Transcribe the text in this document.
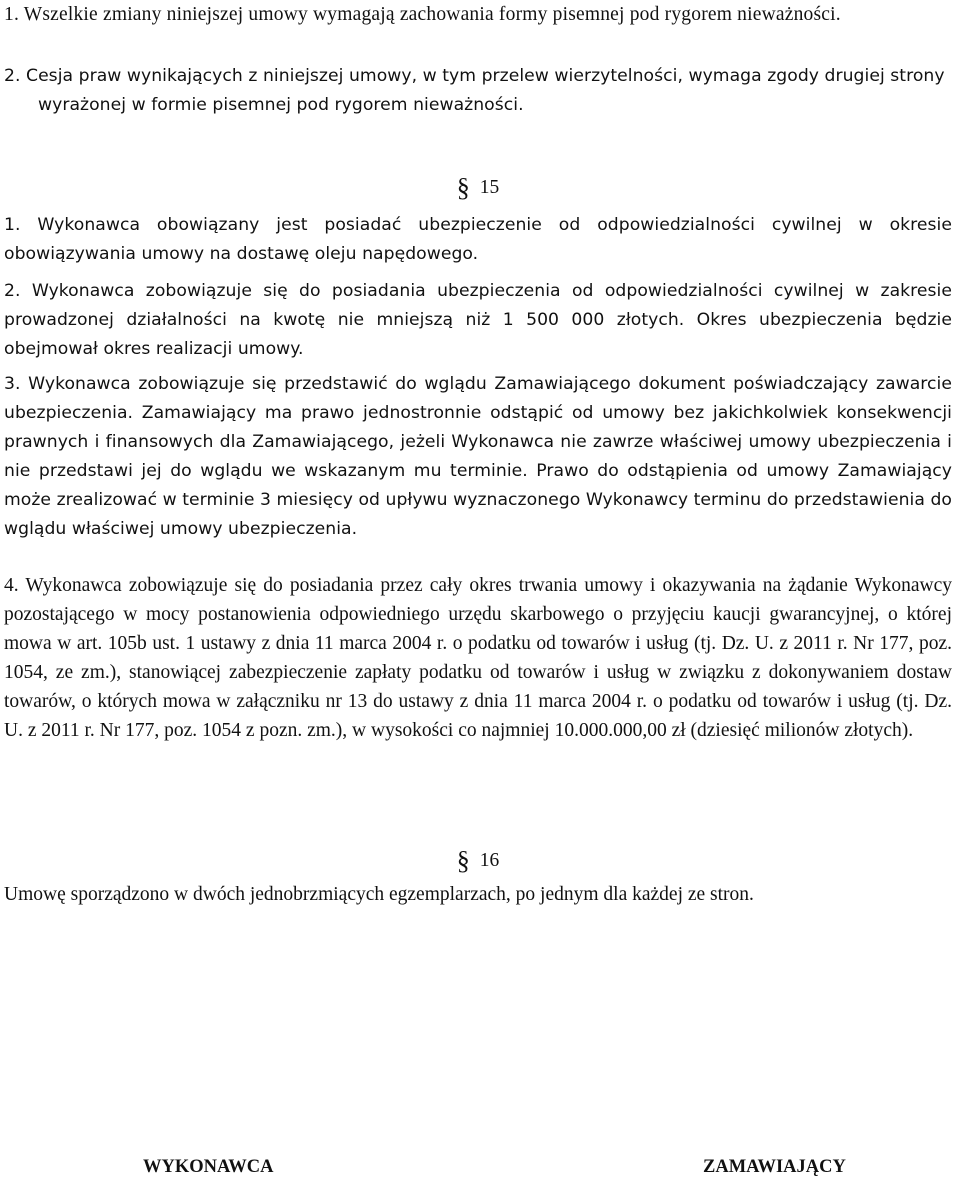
1. Wszelkie zmiany niniejszej umowy wymagają zachowania formy pisemnej pod rygorem nieważności.

2. Cesja praw wynikających z niniejszej umowy, w tym przelew wierzytelności, wymaga zgody drugiej strony wyrażonej w formie pisemnej pod rygorem nieważności.

§ 15

1. Wykonawca obowiązany jest posiadać ubezpieczenie od odpowiedzialności cywilnej w okresie obowiązywania umowy na dostawę oleju napędowego.

2. Wykonawca zobowiązuje się do posiadania ubezpieczenia od odpowiedzialności cywilnej w zakresie prowadzonej działalności na kwotę nie mniejszą niż 1 500 000 złotych. Okres ubezpieczenia będzie obejmował okres realizacji umowy.

3. Wykonawca zobowiązuje się przedstawić do wglądu Zamawiającego dokument poświadczający zawarcie ubezpieczenia. Zamawiający ma prawo jednostronnie odstąpić od umowy bez jakichkolwiek konsekwencji prawnych i finansowych dla Zamawiającego, jeżeli Wykonawca nie zawrze właściwej umowy ubezpieczenia i nie przedstawi jej do wglądu we wskazanym mu terminie. Prawo do odstąpienia od umowy Zamawiający może zrealizować w terminie 3 miesięcy od upływu wyznaczonego Wykonawcy terminu do przedstawienia do wglądu właściwej umowy ubezpieczenia.

4. Wykonawca zobowiązuje się do posiadania przez cały okres trwania umowy i okazywania na żądanie Wykonawcy pozostającego w mocy postanowienia odpowiedniego urzędu skarbowego o przyjęciu kaucji gwarancyjnej, o której mowa w art. 105b ust. 1 ustawy z dnia 11 marca 2004 r. o podatku od towarów i usług (tj. Dz. U. z 2011 r. Nr 177, poz. 1054, ze zm.), stanowiącej zabezpieczenie zapłaty podatku od towarów i usług w związku z dokonywaniem dostaw towarów, o których mowa w załączniku nr 13 do ustawy z dnia 11 marca 2004 r. o podatku od towarów i usług (tj. Dz. U. z 2011 r. Nr 177, poz. 1054 z pozn. zm.), w wysokości co najmniej 10.000.000,00 zł (dziesięć milionów złotych).

§ 16

Umowę sporządzono w dwóch jednobrzmiących egzemplarzach, po jednym dla każdej ze stron.

WYKONAWCA	ZAMAWIAJĄCY
